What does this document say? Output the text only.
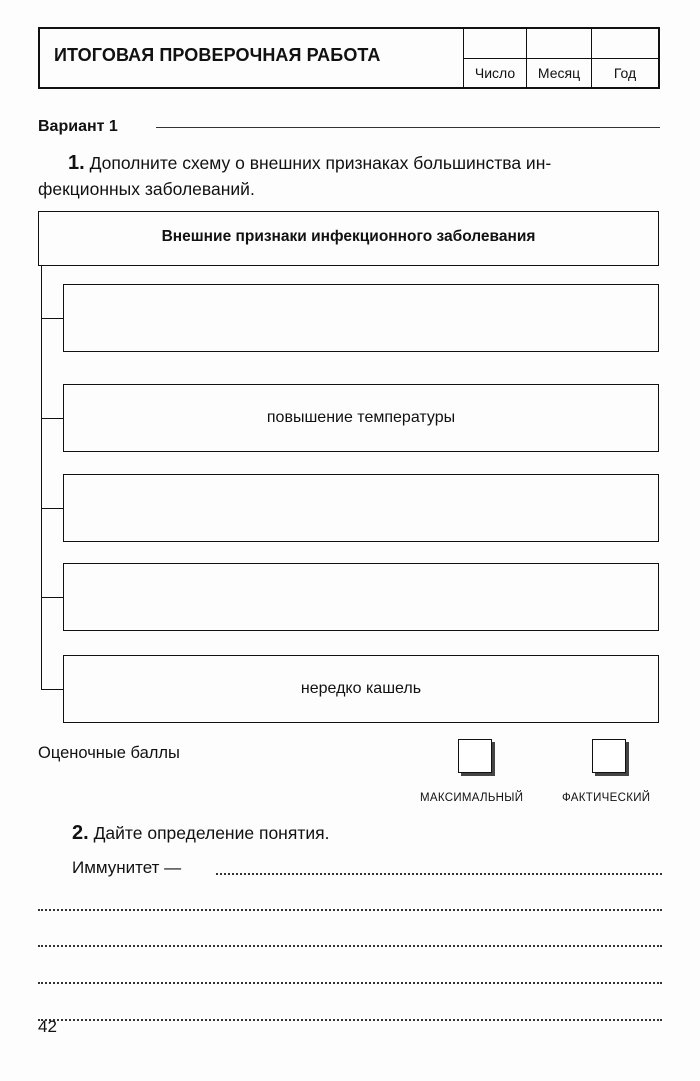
ИТОГОВАЯ ПРОВЕРОЧНАЯ РАБОТА
Число	Месяц	Год
Вариант 1
1. Дополните схему о внешних признаках большинства ин-
фекционных заболеваний.
Внешние признаки инфекционного заболевания
повышение температуры
нередко кашель
Оценочные баллы
МАКСИМАЛЬНЫЙ	ФАКТИЧЕСКИЙ
2. Дайте определение понятия.
Иммунитет —
42
